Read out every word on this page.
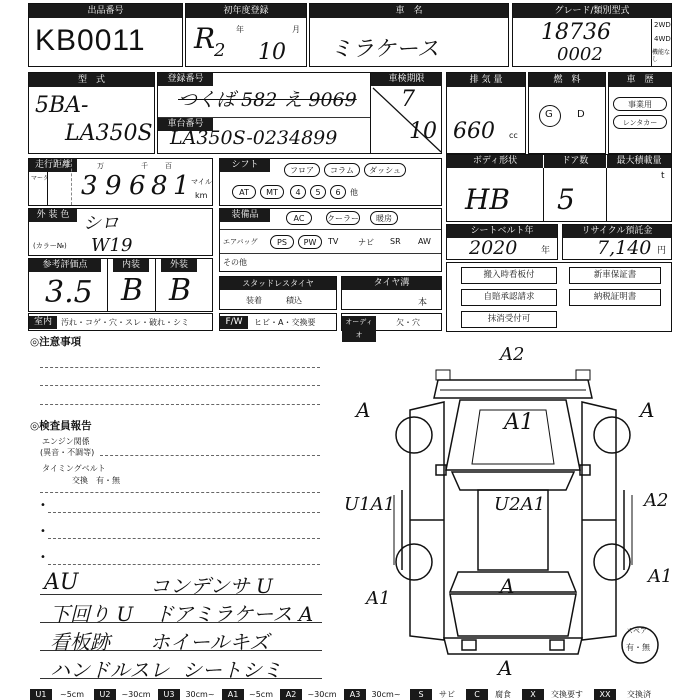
出品番号
KB0011
初年度登録
年	月
R
2 10
車　名
ミラケース
グレード/類別型式
18736
0002
2WD
4WD
機能なし
型　式
5BA-
LA350S
登録番号
つくば 582 え 9069
車台番号
LA350S-0234899
車検期限
7
10
排 気 量
660 cc
燃　料
G D
車　歴
事業用
レンタカー
走行距離
マーク
万	千 百
3 9 6 8 1 マイル
km
シフト
フロア	コラム	ダッシュ
AT	MT	4	5	6	他
ボディ形状	ドア数	最大積載量
HB 5
t
外 装 色 シロ
(カラー№) W19
装備品	AC	クーラー	暖房
エアバッグ	PS	PW	TV ナビ SR AW
その他
シートベルト年
2020	年
リサイクル預託金
7,140 円
参考評価点	内装	外装
3.5 B B	スタッドレスタイヤ
装着	積込
タイヤ溝
本
搬入時看板付	新車保証書
自賠承認請求	納税証明書
抹消受付可
室内	汚れ・コゲ・穴・スレ・破れ・シミ	F/W	ヒビ・A・交換要	オーディオ
欠・穴
◎注意事項
◎検査員報告
エンジン関係
(異音・不調等)
タイミングベルト
交換　有・無
•
•
•
AU	コンデンサ U
下回り U ドアミラケース A
看板跡 ホイールキズ
ハンドルスレ シートシミ
A2
A1
U2A1
A	A
U1A1	A2
A1
A1
A
A
スペア
有・無
U1	~5cm	U2	~30cm	U3	30cm~	A1	~5cm	A2	~30cm	A3	30cm~	S	サビ	C	腐食	X	交換要す	XX	交換済
